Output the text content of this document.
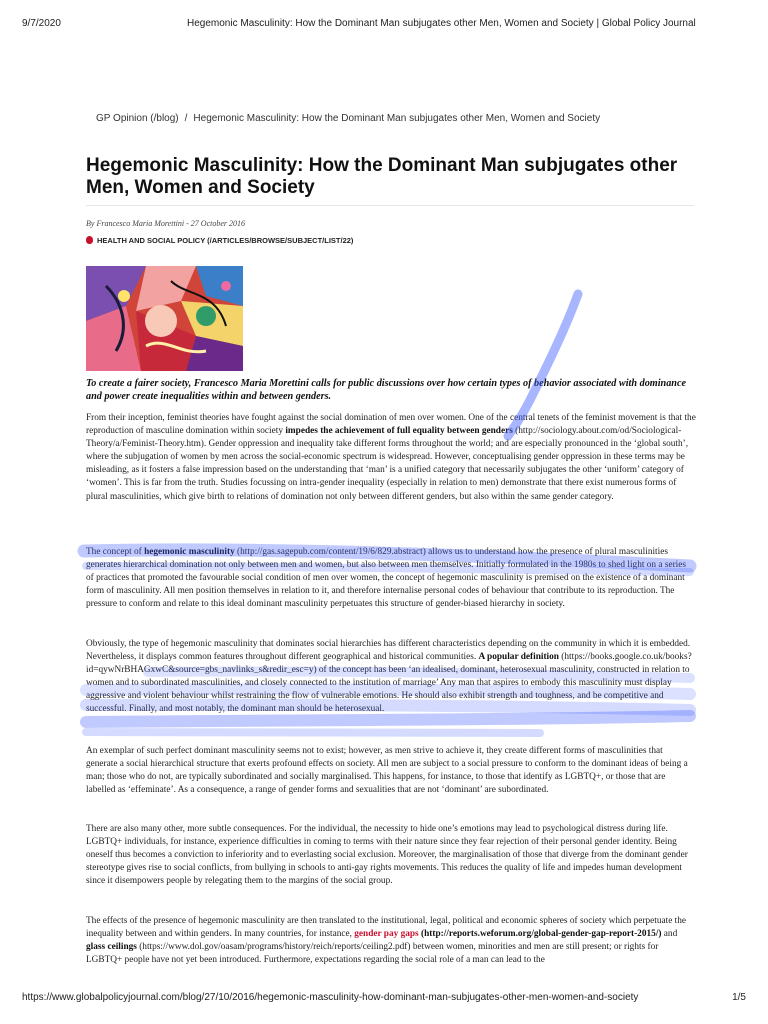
9/7/2020	Hegemonic Masculinity: How the Dominant Man subjugates other Men, Women and Society | Global Policy Journal
GP Opinion (/blog) / Hegemonic Masculinity: How the Dominant Man subjugates other Men, Women and Society
Hegemonic Masculinity: How the Dominant Man subjugates other Men, Women and Society
By Francesco Maria Morettini - 27 October 2016
HEALTH AND SOCIAL POLICY (/ARTICLES/BROWSE/SUBJECT/LIST/22)

To create a fairer society, Francesco Maria Morettini calls for public discussions over how certain types of behavior associated with dominance and power create inequalities within and between genders.

From their inception, feminist theories have fought against the social domination of men over women. One of the central tenets of the feminist movement is that the reproduction of masculine domination within society impedes the achievement of full equality between genders (http://sociology.about.com/od/Sociological-Theory/a/Feminist-Theory.htm). Gender oppression and inequality take different forms throughout the world; and are especially pronounced in the ‘global south’, where the subjugation of women by men across the social-economic spectrum is widespread. However, conceptualising gender oppression in these terms may be misleading, as it fosters a false impression based on the understanding that ‘man’ is a unified category that necessarily subjugates the other ‘uniform’ category of ‘women’. This is far from the truth. Studies focussing on intra-gender inequality (especially in relation to men) demonstrate that there exist numerous forms of plural masculinities, which give birth to relations of domination not only between different genders, but also within the same gender category.

The concept of hegemonic masculinity (http://gas.sagepub.com/content/19/6/829.abstract) allows us to understand how the presence of plural masculinities generates hierarchical domination not only between men and women, but also between men themselves. Initially formulated in the 1980s to shed light on a series of practices that promoted the favourable social condition of men over women, the concept of hegemonic masculinity is premised on the existence of a dominant form of masculinity. All men position themselves in relation to it, and therefore internalise personal codes of behaviour that contribute to its reproduction. The pressure to conform and relate to this ideal dominant masculinity perpetuates this structure of gender-biased hierarchy in society.

Obviously, the type of hegemonic masculinity that dominates social hierarchies has different characteristics depending on the community in which it is embedded. Nevertheless, it displays common features throughout different geographical and historical communities. A popular definition (https://books.google.co.uk/books?id=qywNrBHAGxwC&source=gbs_navlinks_s&redir_esc=y) of the concept has been ‘an idealised, dominant, heterosexual masculinity, constructed in relation to women and to subordinated masculinities, and closely connected to the institution of marriage’ Any man that aspires to embody this masculinity must display aggressive and violent behaviour whilst restraining the flow of vulnerable emotions. He should also exhibit strength and toughness, and be competitive and successful. Finally, and most notably, the dominant man should be heterosexual.

An exemplar of such perfect dominant masculinity seems not to exist; however, as men strive to achieve it, they create different forms of masculinities that generate a social hierarchical structure that exerts profound effects on society. All men are subject to a social pressure to conform to the dominant ideas of being a man; those who do not, are typically subordinated and socially marginalised. This happens, for instance, to those that identify as LGBTQ+, or those that are labelled as ‘effeminate’. As a consequence, a range of gender forms and sexualities that are not ‘dominant’ are subordinated.

There are also many other, more subtle consequences. For the individual, the necessity to hide one’s emotions may lead to psychological distress during life. LGBTQ+ individuals, for instance, experience difficulties in coming to terms with their nature since they fear rejection of their personal gender identity. Being oneself thus becomes a conviction to inferiority and to everlasting social exclusion. Moreover, the marginalisation of those that diverge from the dominant gender stereotype gives rise to social conflicts, from bullying in schools to anti-gay rights movements. This reduces the quality of life and impedes human development since it disempowers people by relegating them to the margins of the social group.

The effects of the presence of hegemonic masculinity are then translated to the institutional, legal, political and economic spheres of society which perpetuate the inequality between and within genders. In many countries, for instance, gender pay gaps (http://reports.weforum.org/global-gender-gap-report-2015/) and glass ceilings (https://www.dol.gov/oasam/programs/history/reich/reports/ceiling2.pdf) between women, minorities and men are still present; or rights for LGBTQ+ people have not yet been introduced. Furthermore, expectations regarding the social role of a man can lead to the

https://www.globalpolicyjournal.com/blog/27/10/2016/hegemonic-masculinity-how-dominant-man-subjugates-other-men-women-and-society	1/5
